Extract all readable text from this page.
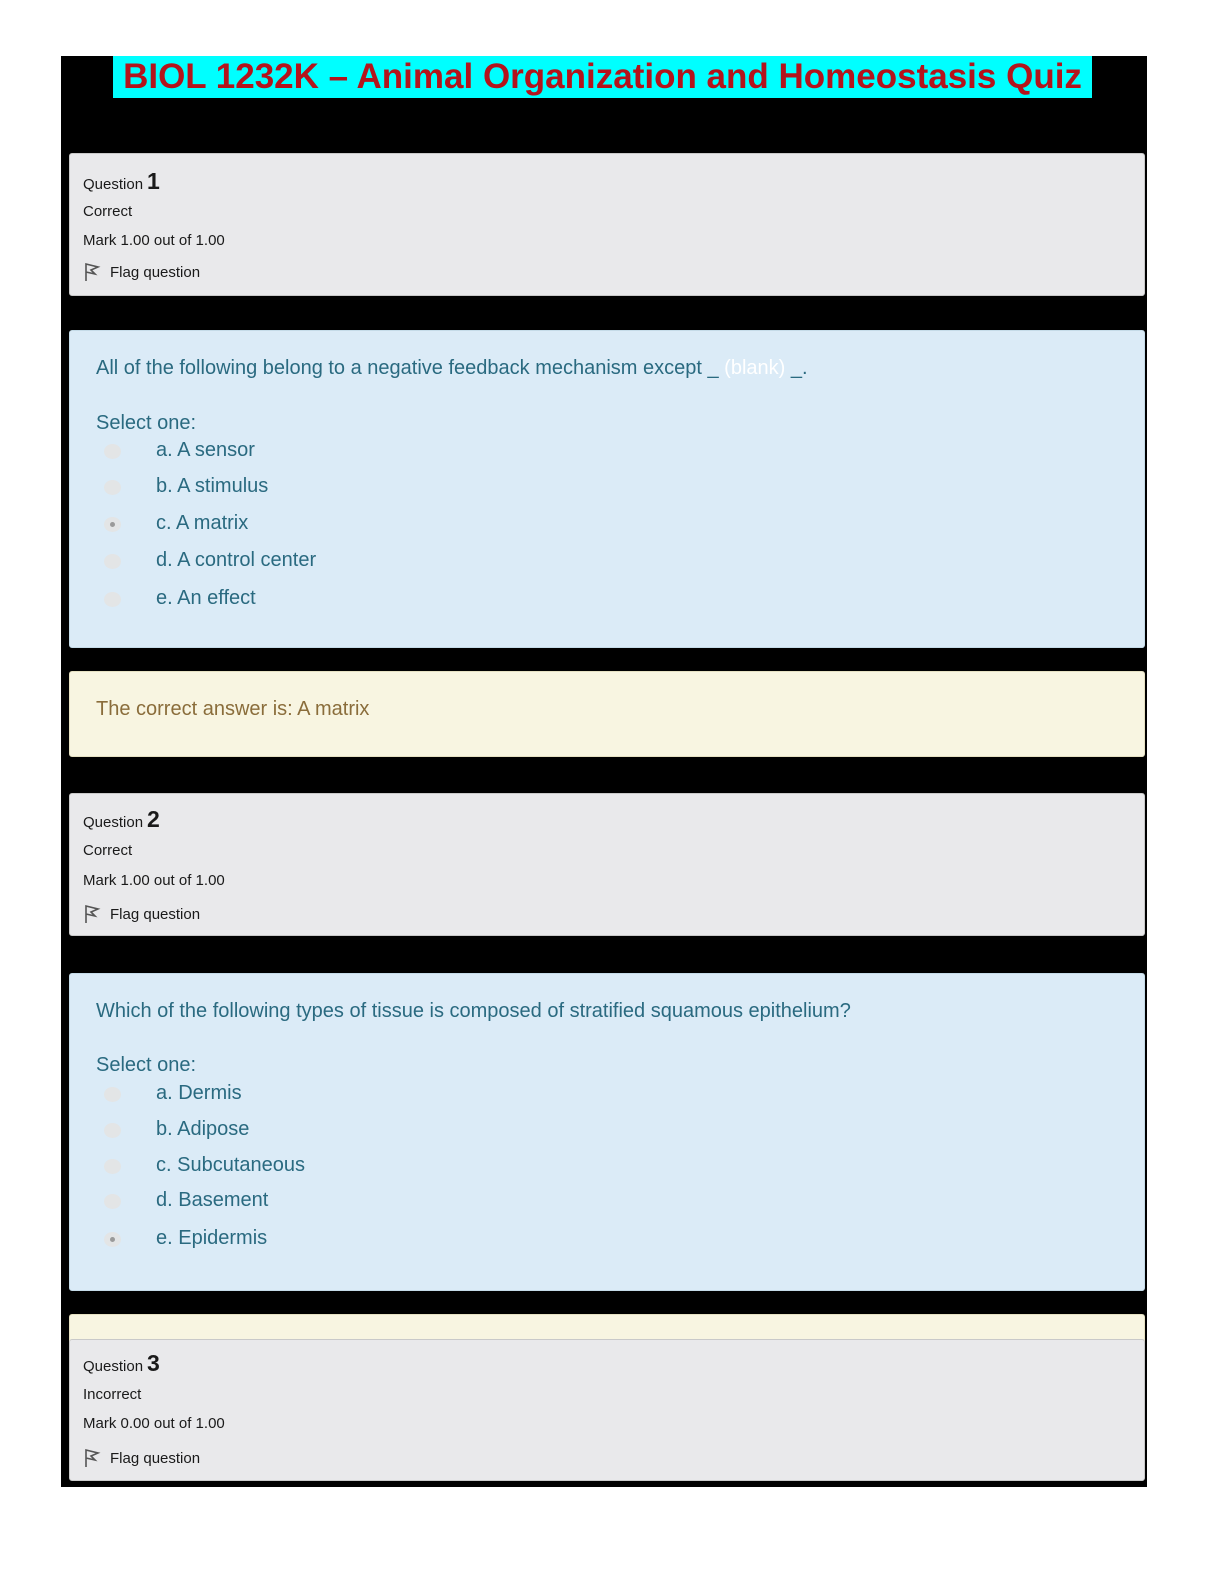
BIOL 1232K – Animal Organization and Homeostasis Quiz
Question 1
Correct
Mark 1.00 out of 1.00
Flag question
All of the following belong to a negative feedback mechanism except _ (blank) _.
Select one:
a. A sensor
b. A stimulus
c. A matrix
d. A control center
e. An effect
The correct answer is: A matrix
Question 2
Correct
Mark 1.00 out of 1.00
Flag question
Which of the following types of tissue is composed of stratified squamous epithelium?
Select one:
a. Dermis
b. Adipose
c. Subcutaneous
d. Basement
e. Epidermis
Question 3
Incorrect
Mark 0.00 out of 1.00
Flag question
